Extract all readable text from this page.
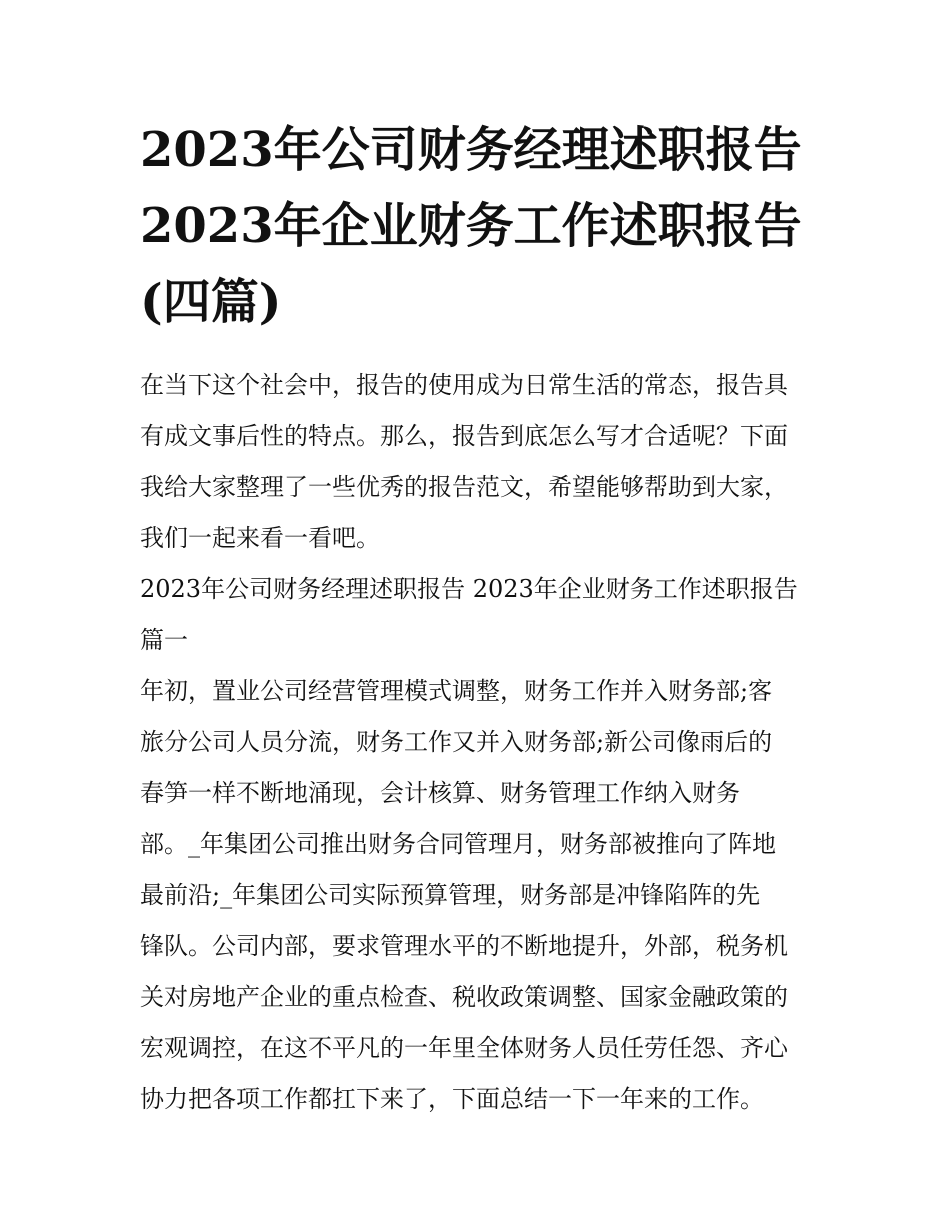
2023年公司财务经理述职报告
2023年企业财务工作述职报告
(四篇)

在当下这个社会中，报告的使用成为日常生活的常态，报告具
有成文事后性的特点。那么，报告到底怎么写才合适呢？下面
我给大家整理了一些优秀的报告范文，希望能够帮助到大家，
我们一起来看一看吧。

2023年公司财务经理述职报告 2023年企业财务工作述职报告
篇一

年初，置业公司经营管理模式调整，财务工作并入财务部;客
旅分公司人员分流，财务工作又并入财务部;新公司像雨后的
春笋一样不断地涌现，会计核算、财务管理工作纳入财务
部。_年集团公司推出财务合同管理月，财务部被推向了阵地
最前沿;_年集团公司实际预算管理，财务部是冲锋陷阵的先
锋队。公司内部，要求管理水平的不断地提升，外部，税务机
关对房地产企业的重点检查、税收政策调整、国家金融政策的
宏观调控，在这不平凡的一年里全体财务人员任劳任怨、齐心
协力把各项工作都扛下来了，下面总结一下一年来的工作。
